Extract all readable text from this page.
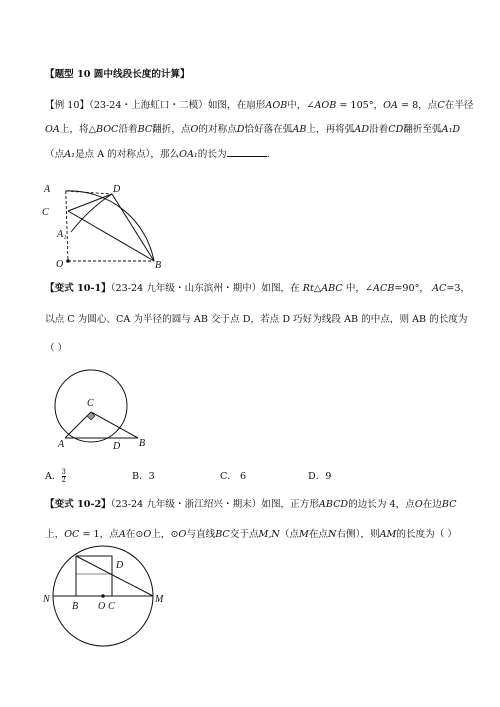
【题型 10 圆中线段长度的计算】
【例 10】（23-24・上海虹口・二模）如图，在扇形AOB中，∠AOB = 105°，OA = 8，点C在半径
OA上，将△BOC沿着BC翻折，点O的对称点D恰好落在弧AB上，再将弧AD沿着CD翻折至弧A₁D
（点A₁是点 A 的对称点），那么OA₁的长为	.
A	D
C
A₁
O	B
【变式 10-1】（23-24 九年级・山东滨州・期中）如图，在 Rt△ABC 中，∠ACB=90°， AC=3，
以点 C 为圆心、CA 为半径的圆与 AB 交于点 D，若点 D 巧好为线段 AB 的中点，则 AB 的长度为
（ ）
C
A	D B
A． $\frac{3}{2}$	B．3	C． 6	D．9
【变式 10-2】（23-24 九年级・浙江绍兴・期末）如图，正方形ABCD的边长为 4，点O在边BC
上，OC = 1，点A在⊙O上，⊙O与直线BC交于点M,N（点M在点N右侧），则AM的长度为（ ）
D
N
B O C
M
